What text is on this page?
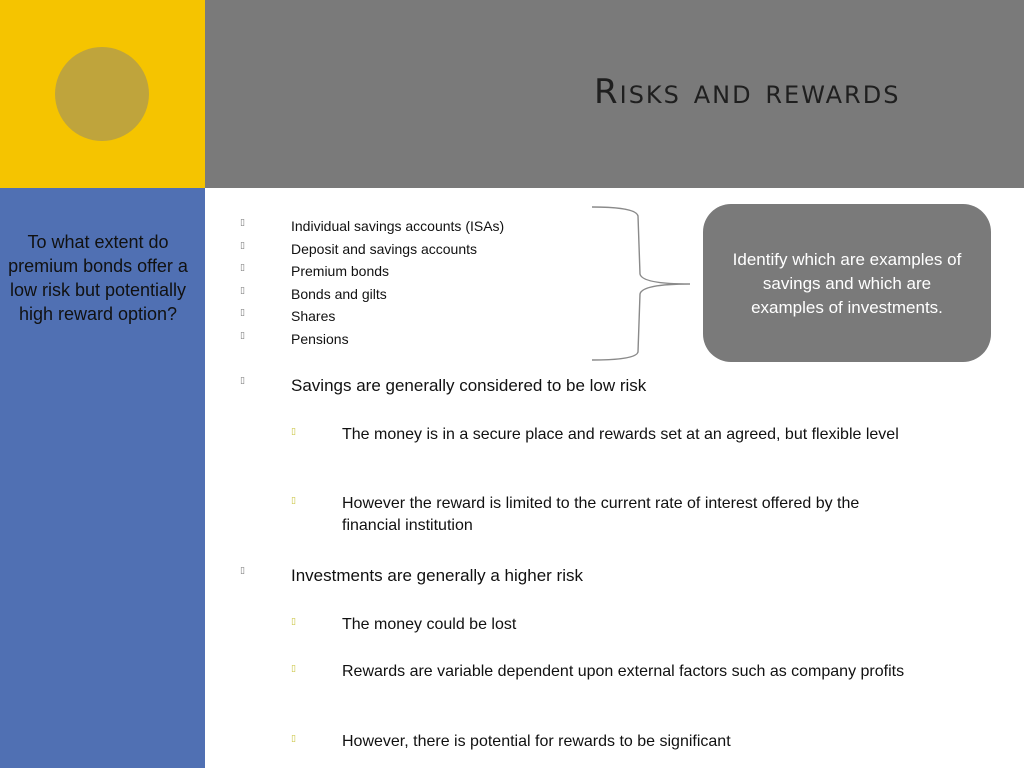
Risks and rewards
To what extent do premium bonds offer a low risk but potentially high reward option?
▯	Individual savings accounts (ISAs)
▯	Deposit and savings accounts
▯	Premium bonds
▯	Bonds and gilts
▯	Shares
▯	Pensions
Identify which are examples of savings and which are examples of investments.
▯	Savings are generally considered to be low risk
▯	The money is in a secure place and rewards set at an agreed, but flexible level
▯	However the reward is limited to the current rate of interest offered by the financial institution
▯	Investments are generally a higher risk
▯	The money could be lost
▯	Rewards are variable dependent upon external factors such as company profits
▯	However, there is potential for rewards to be significant
